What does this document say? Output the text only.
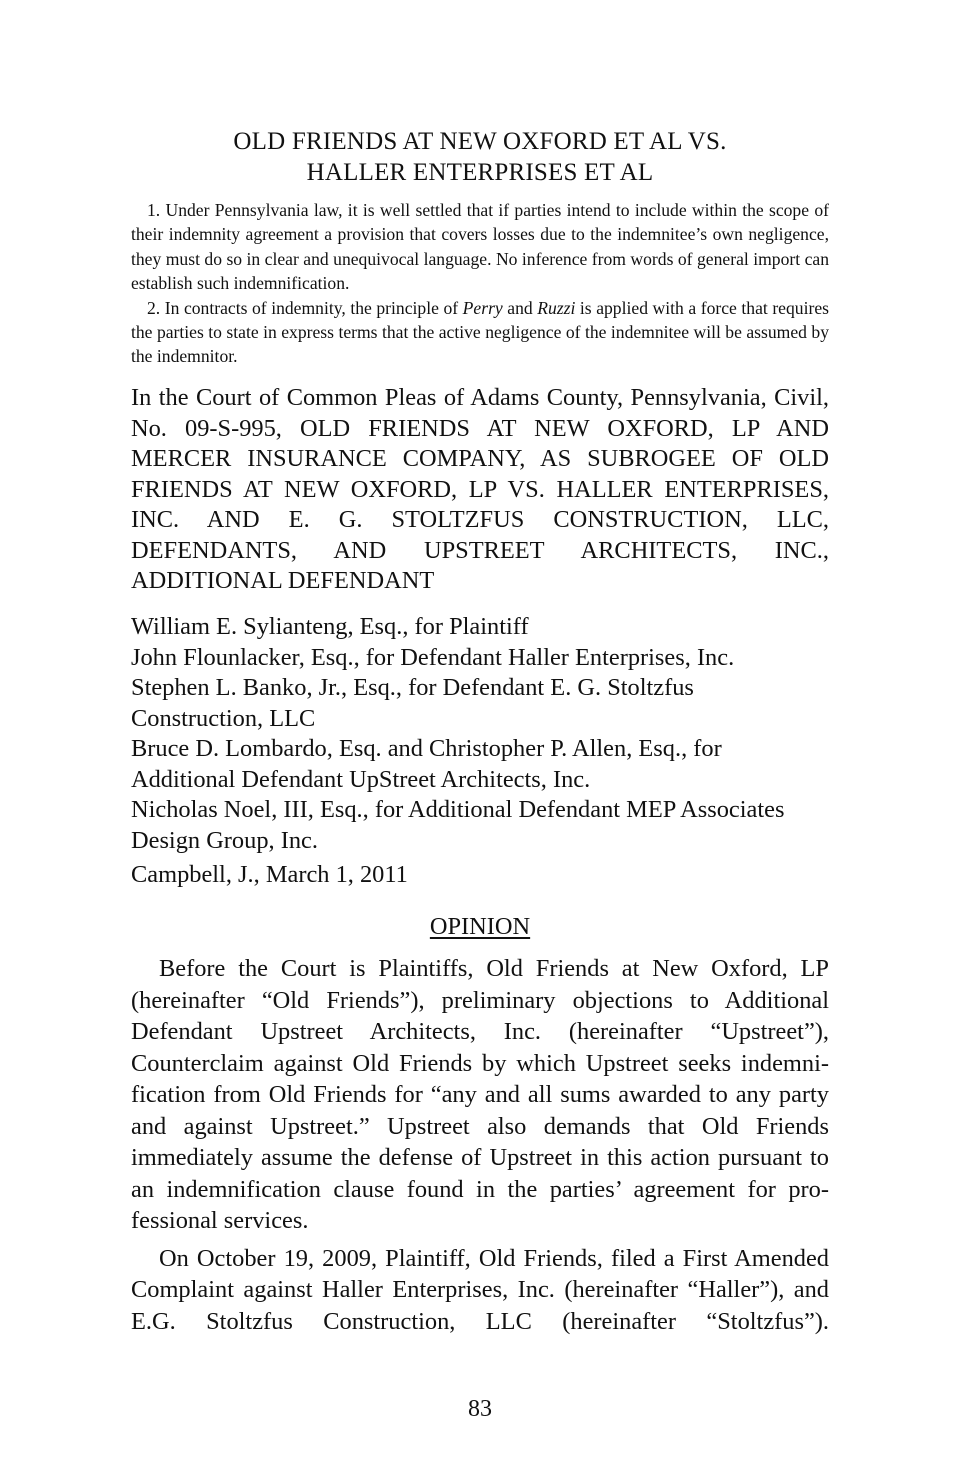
OLD FRIENDS AT NEW OXFORD ET AL VS.
HALLER ENTERPRISES ET AL

1. Under Pennsylvania law, it is well settled that if parties intend to include within the scope of their indemnity agreement a provision that covers losses due to the indemnitee’s own negligence, they must do so in clear and unequivocal language. No inference from words of general import can establish such indemnification.

2. In contracts of indemnity, the principle of Perry and Ruzzi is applied with a force that requires the parties to state in express terms that the active negligence of the indemnitee will be assumed by the indemnitor.

In the Court of Common Pleas of Adams County, Pennsylvania, Civil, No. 09-S-995, OLD FRIENDS AT NEW OXFORD, LP AND MERCER INSURANCE COMPANY, AS SUBROGEE OF OLD FRIENDS AT NEW OXFORD, LP VS. HALLER ENTERPRISES, INC. AND E. G. STOLTZFUS CONSTRUCTION, LLC, DEFENDANTS, AND UPSTREET ARCHITECTS, INC.,

ADDITIONAL DEFENDANT

William E. Sylianteng, Esq., for Plaintiff
John Flounlacker, Esq., for Defendant Haller Enterprises, Inc.
Stephen L. Banko, Jr., Esq., for Defendant E. G. Stoltzfus
Construction, LLC
Bruce D. Lombardo, Esq. and Christopher P. Allen, Esq., for
Additional Defendant UpStreet Architects, Inc.
Nicholas Noel, III, Esq., for Additional Defendant MEP Associates
Design Group, Inc.
Campbell, J., March 1, 2011
OPINION

Before the Court is Plaintiffs, Old Friends at New Oxford, LP (hereinafter “Old Friends”), preliminary objections to Additional Defendant Upstreet Architects, Inc. (hereinafter “Upstreet”), Counterclaim against Old Friends by which Upstreet seeks indemnification from Old Friends for “any and all sums awarded to any party and against Upstreet.” Upstreet also demands that Old Friends immediately assume the defense of Upstreet in this action pursuant to an indemnification clause found in the parties’ agreement for professional services.

On October 19, 2009, Plaintiff, Old Friends, filed a First Amended Complaint against Haller Enterprises, Inc. (hereinafter “Haller”), and E.G. Stoltzfus Construction, LLC (hereinafter “Stoltzfus”).

83
